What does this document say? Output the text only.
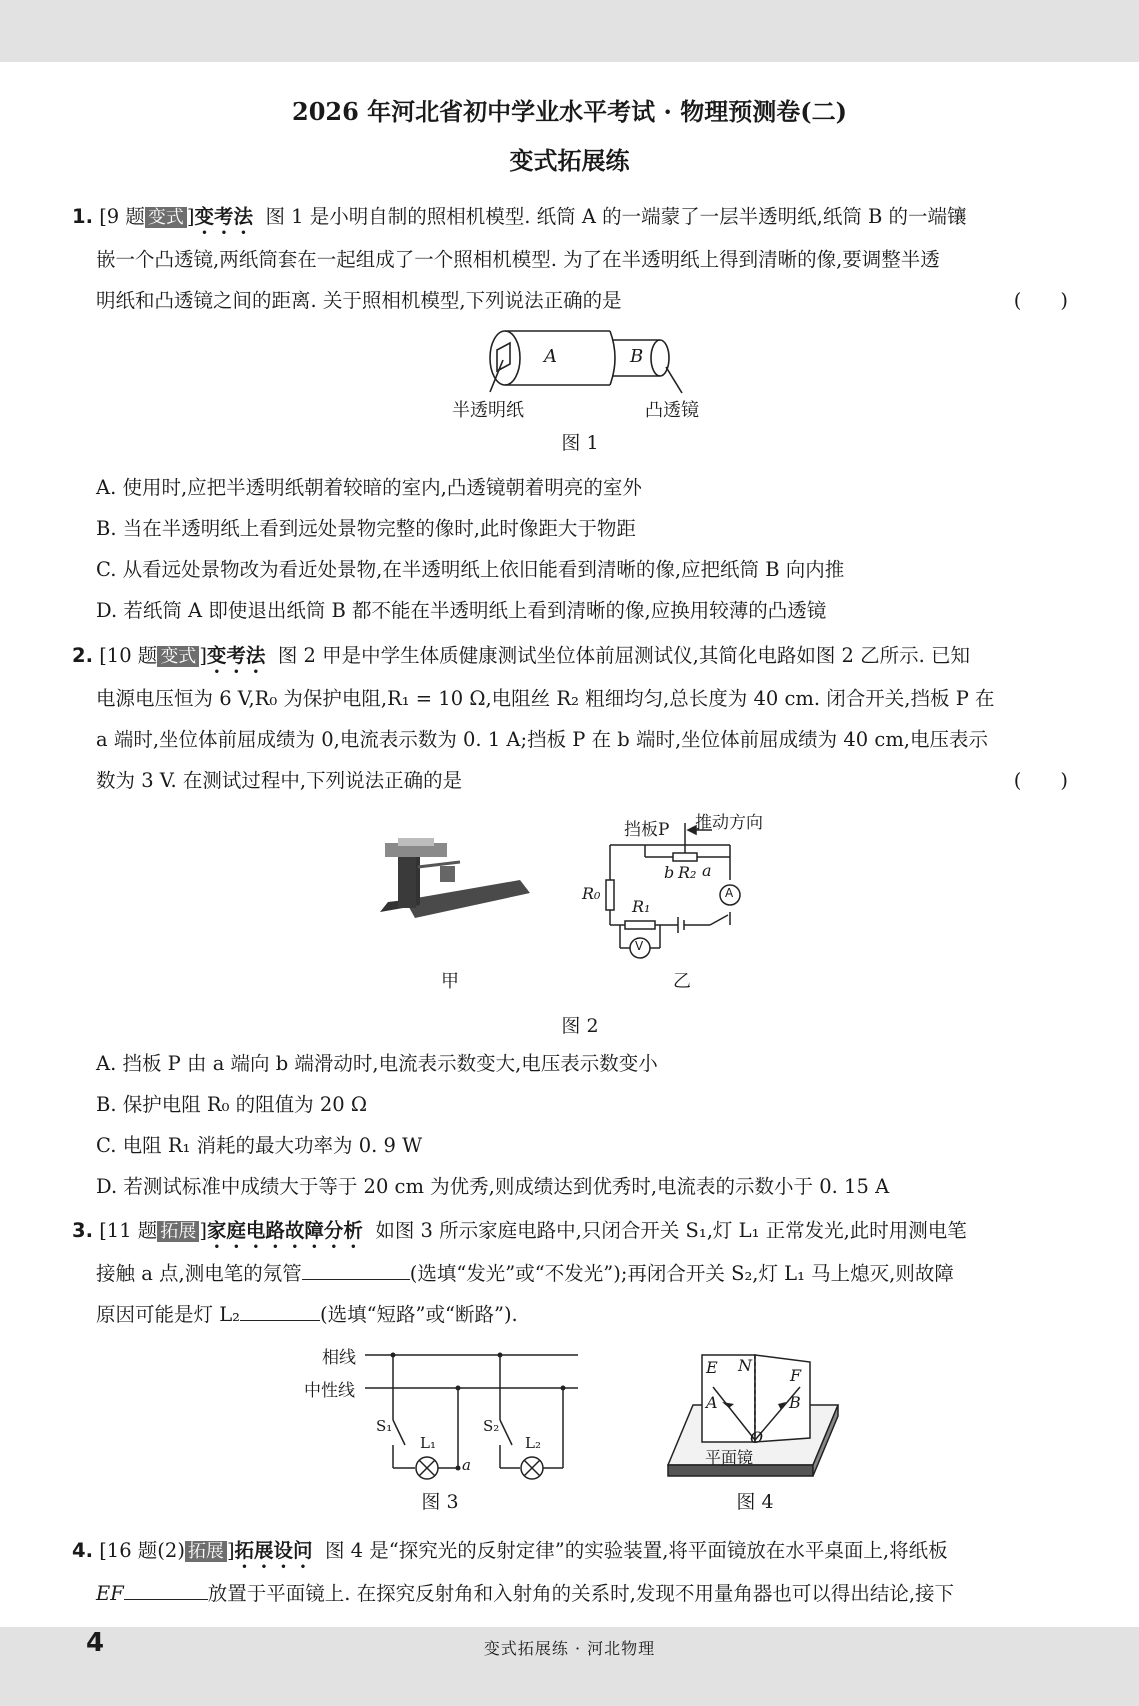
2026 年河北省初中学业水平考试 · 物理预测卷(二)
变式拓展练
1. [9 题 变式 ]变考法 图 1 是小明自制的照相机模型. 纸筒 A 的一端蒙了一层半透明纸,纸筒 B 的一端镶
嵌一个凸透镜,两纸筒套在一起组成了一个照相机模型. 为了在半透明纸上得到清晰的像,要调整半透
明纸和凸透镜之间的距离. 关于照相机模型,下列说法正确的是	(　　)
A	B
半透明纸	凸透镜
图 1
A. 使用时,应把半透明纸朝着较暗的室内,凸透镜朝着明亮的室外
B. 当在半透明纸上看到远处景物完整的像时,此时像距大于物距
C. 从看远处景物改为看近处景物,在半透明纸上依旧能看到清晰的像,应把纸筒 B 向内推
D. 若纸筒 A 即使退出纸筒 B 都不能在半透明纸上看到清晰的像,应换用较薄的凸透镜
2. [10 题 变式 ]变考法 图 2 甲是中学生体质健康测试坐位体前屈测试仪,其简化电路如图 2 乙所示. 已知
电源电压恒为 6 V,R₀ 为保护电阻,R₁ = 10 Ω,电阻丝 R₂ 粗细均匀,总长度为 40 cm. 闭合开关,挡板 P 在
a 端时,坐位体前屈成绩为 0,电流表示数为 0. 1 A;挡板 P 在 b 端时,坐位体前屈成绩为 40 cm,电压表示
数为 3 V. 在测试过程中,下列说法正确的是	(　　)
挡板P 推动方向
b R₂ a
R₀
R₁
A
V
甲	乙
图 2
A. 挡板 P 由 a 端向 b 端滑动时,电流表示数变大,电压表示数变小
B. 保护电阻 R₀ 的阻值为 20 Ω
C. 电阻 R₁ 消耗的最大功率为 0. 9 W
D. 若测试标准中成绩大于等于 20 cm 为优秀,则成绩达到优秀时,电流表的示数小于 0. 15 A
3. [11 题 拓展 ]家庭电路故障分析 如图 3 所示家庭电路中,只闭合开关 S₁,灯 L₁ 正常发光,此时用测电笔
接触 a 点,测电笔的氖管	(选填“发光”或“不发光”);再闭合开关 S₂,灯 L₁ 马上熄灭,则故障
原因可能是灯 L₂	(选填“短路”或“断路”).
相线
中性线
S₁
L₁
a
S₂
L₂
图 3
E N
F
A	B
O
平面镜
图 4
4. [16 题(2) 拓展 ]拓展设问 图 4 是“探究光的反射定律”的实验装置,将平面镜放在水平桌面上,将纸板
EF	放置于平面镜上. 在探究反射角和入射角的关系时,发现不用量角器也可以得出结论,接下
4	变式拓展练 · 河北物理
